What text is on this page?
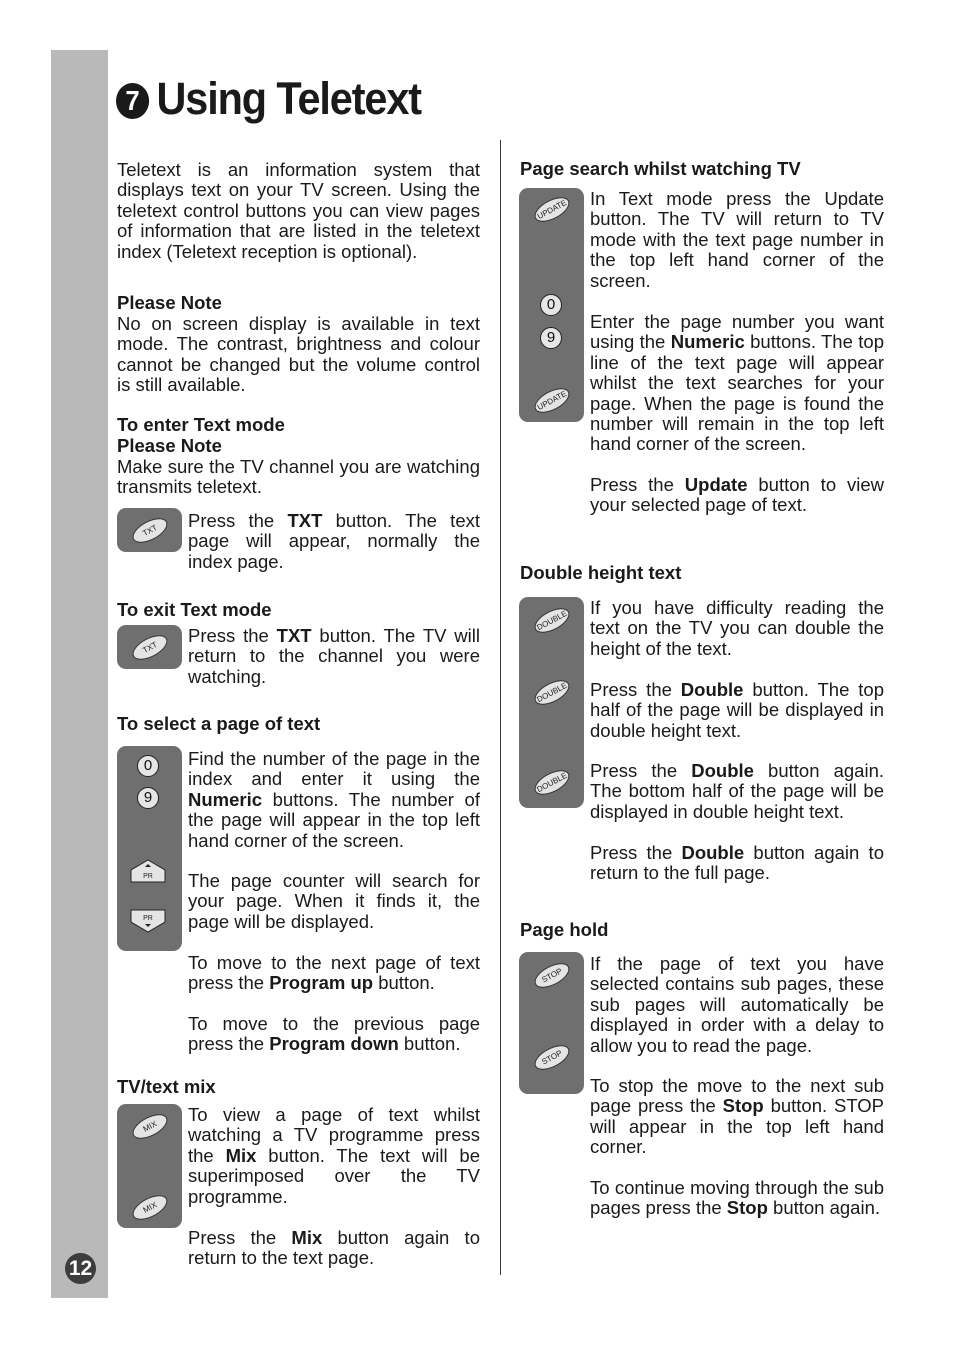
12
7 Using Teletext

Teletext is an information system that displays text on your TV screen. Using the teletext control buttons you can view pages of information that are listed in the teletext index (Teletext reception is optional).

Please Note

No on screen display is available in text mode. The contrast, brightness and colour cannot be changed but the volume control is still available.

To enter Text mode

Please Note

Make sure the TV channel you are watching transmits teletext.

TXT	Press the TXT button. The text page will appear, normally the index page.

To exit Text mode

TXT

Press the TXT button. The TV will return to the channel you were watching.

To select a page of text

0
9
PR
PR

Find the number of the page in the index and enter it using the Numeric buttons. The number of the page will appear in the top left hand corner of the screen.

The page counter will search for your page. When it finds it, the page will be displayed.

To move to the next page of text press the Program up button.

To move to the previous page press the Program down button.

TV/text mix

MIX
MIX

To view a page of text whilst watching a TV programme press the Mix button. The text will be superimposed over the TV programme.

Press the Mix button again to return to the text page.

Page search whilst watching TV

UPDATE
0
9
UPDATE

In Text mode press the Update button. The TV will return to TV mode with the text page number in the top left hand corner of the screen.

Enter the page number you want using the Numeric buttons. The top line of the text page will appear whilst the text searches for your page. When the page is found the number will remain in the top left hand corner of the screen.

Press the Update button to view your selected page of text.

Double height text

DOUBLE
DOUBLE
DOUBLE

If you have difficulty reading the text on the TV you can double the height of the text.

Press the Double button. The top half of the page will be displayed in double height text.

Press the Double button again. The bottom half of the page will be displayed in double height text.

Press the Double button again to return to the full page.

Page hold

STOP
STOP

If the page of text you have selected contains sub pages, these sub pages will automatically be displayed in order with a delay to allow you to read the page.

To stop the move to the next sub page press the Stop button. STOP will appear in the top left hand corner.

To continue moving through the sub pages press the Stop button again.
